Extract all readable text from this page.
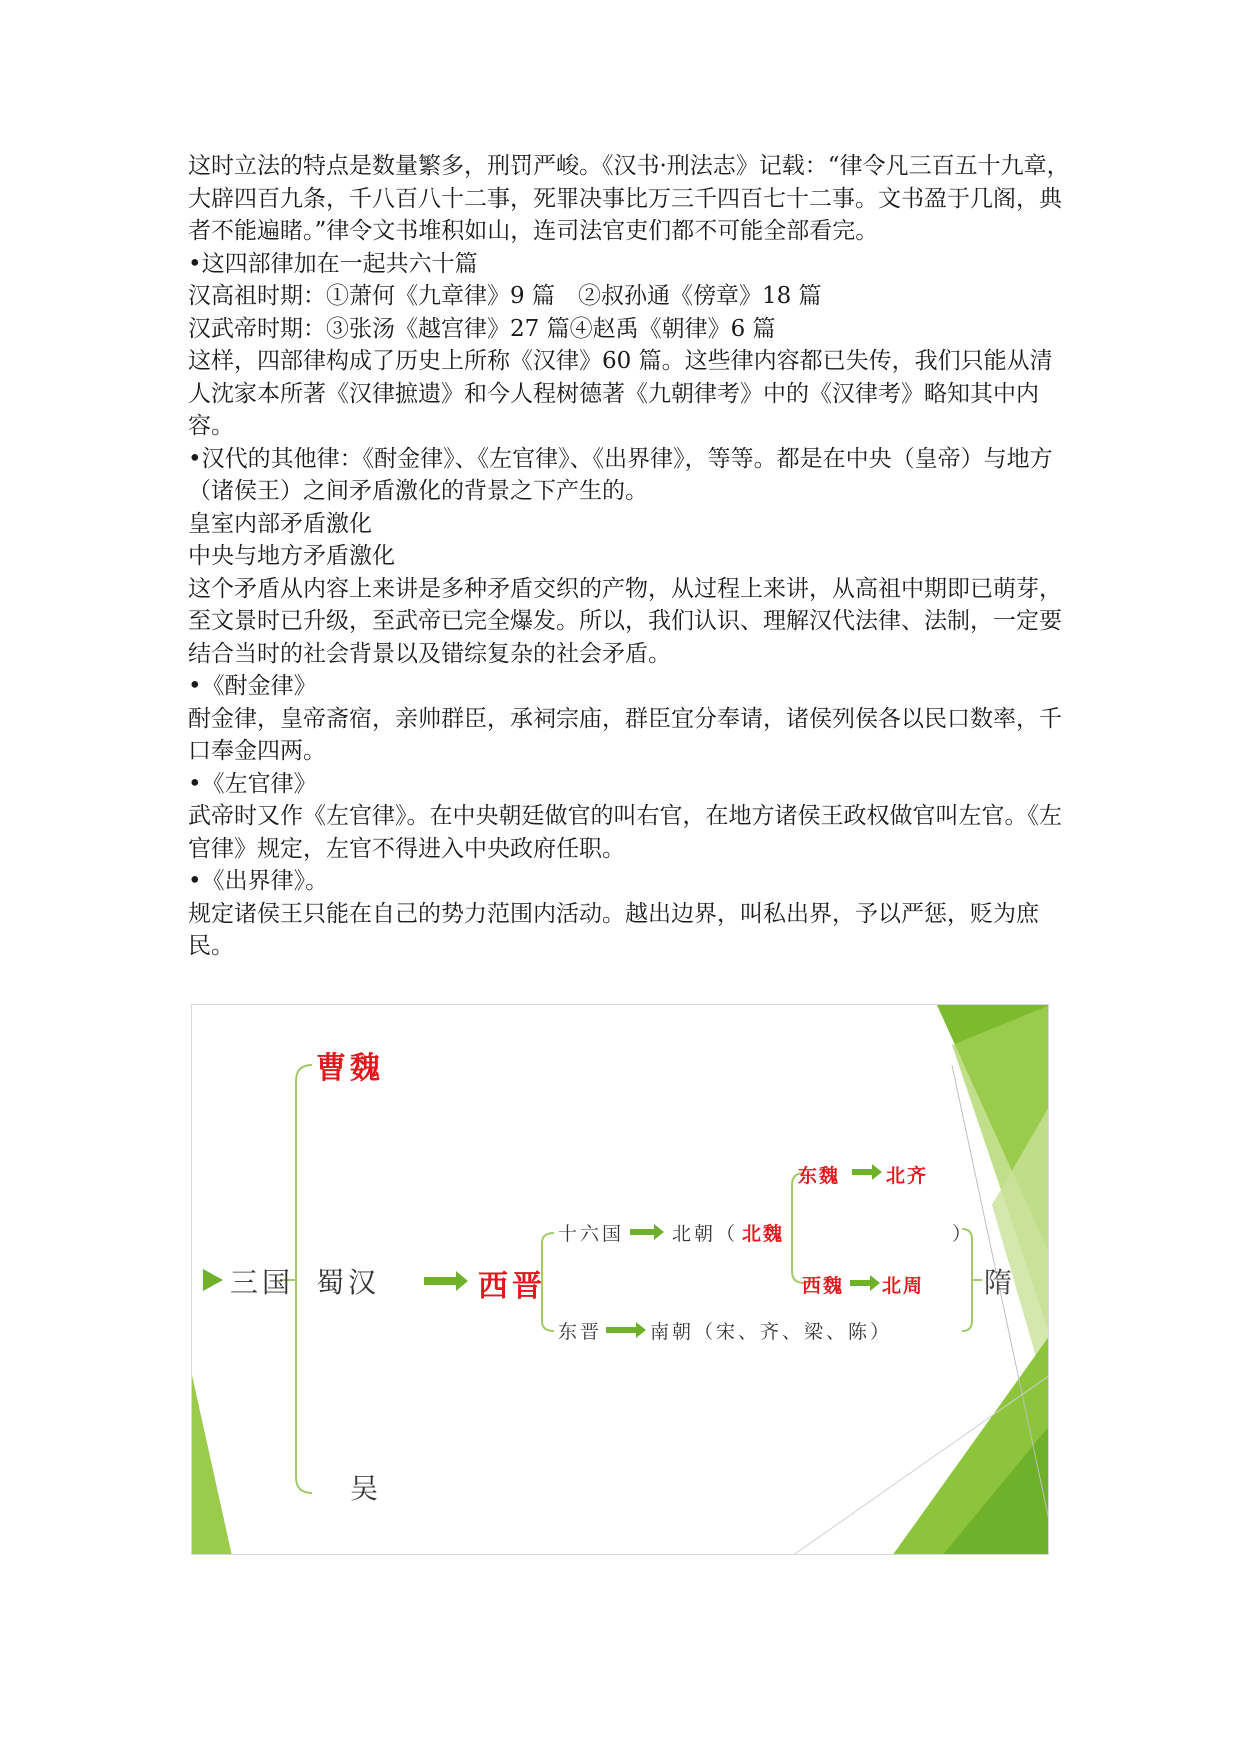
这时立法的特点是数量繁多，刑罚严峻。《汉书·刑法志》记载：“律令凡三百五十九章，大辟四百九条，千八百八十二事，死罪决事比万三千四百七十二事。文书盈于几阁，典者不能遍睹。”律令文书堆积如山，连司法官吏们都不可能全部看完。

•这四部律加在一起共六十篇

汉高祖时期：①萧何《九章律》9 篇　②叔孙通《傍章》18 篇

汉武帝时期：③张汤《越宫律》27 篇④赵禹《朝律》6 篇

这样，四部律构成了历史上所称《汉律》60 篇。这些律内容都已失传，我们只能从清人沈家本所著《汉律摭遗》和今人程树德著《九朝律考》中的《汉律考》略知其中内容。

•汉代的其他律：《酎金律》、《左官律》、《出界律》，等等。都是在中央（皇帝）与地方（诸侯王）之间矛盾激化的背景之下产生的。

皇室内部矛盾激化

中央与地方矛盾激化

这个矛盾从内容上来讲是多种矛盾交织的产物，从过程上来讲，从高祖中期即已萌芽，至文景时已升级，至武帝已完全爆发。所以，我们认识、理解汉代法律、法制，一定要结合当时的社会背景以及错综复杂的社会矛盾。

•《酎金律》

酎金律，皇帝斋宿，亲帅群臣，承祠宗庙，群臣宜分奉请，诸侯列侯各以民口数率，千口奉金四两。

•《左官律》

武帝时又作《左官律》。在中央朝廷做官的叫右官，在地方诸侯王政权做官叫左官。《左官律》规定，左官不得进入中央政府任职。

•《出界律》。

规定诸侯王只能在自己的势力范围内活动。越出边界，叫私出界，予以严惩，贬为庶民。

三国
曹魏
蜀汉
吴
西晋
十六国	北朝（ 北魏	）
东魏 北齐
西魏 北周
东晋	南朝（宋、齐、梁、陈）
隋
